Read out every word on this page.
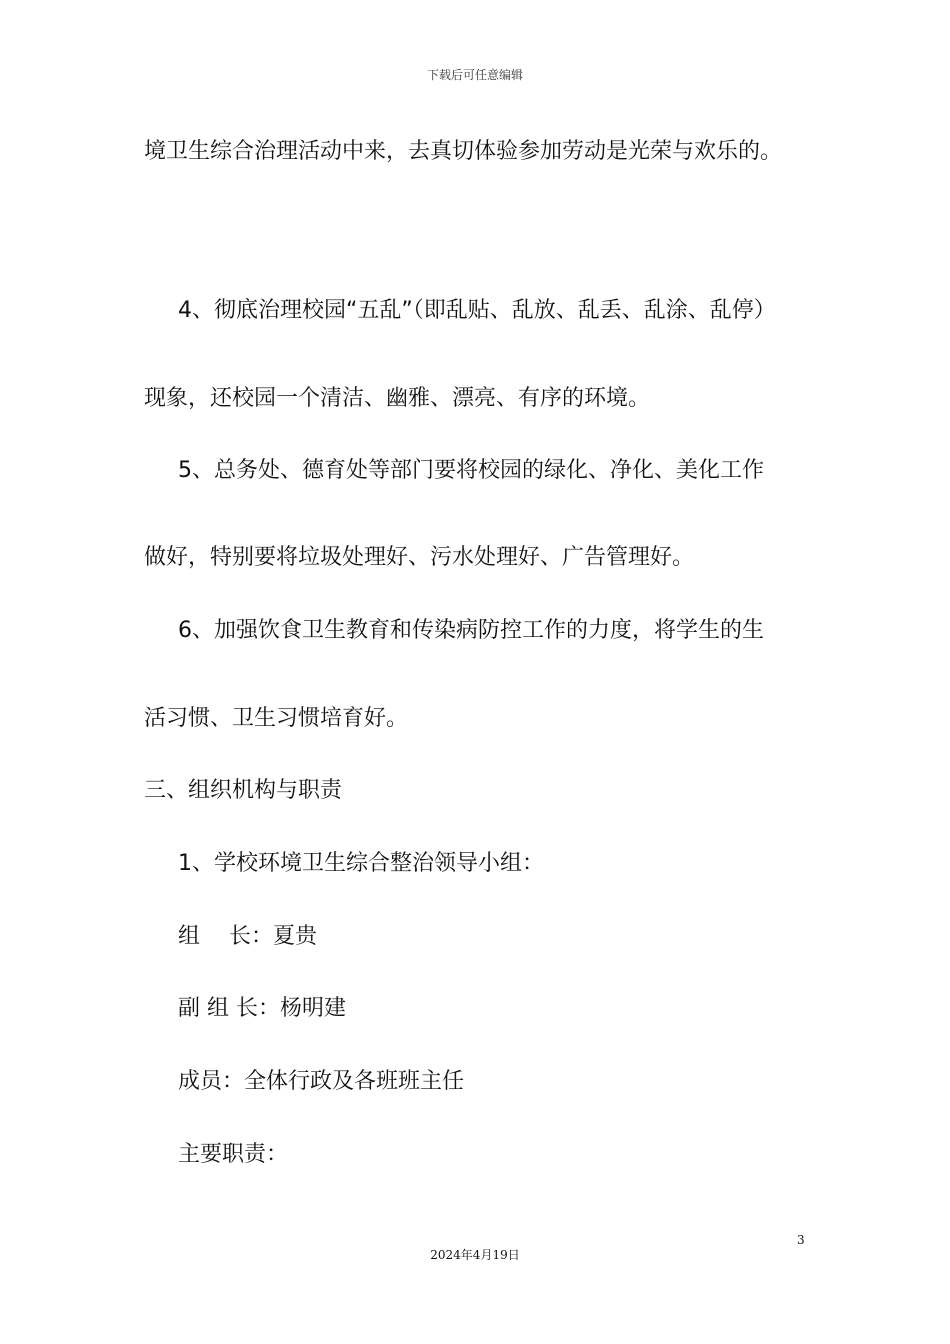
下载后可任意编辑
境卫生综合治理活动中来，去真切体验参加劳动是光荣与欢乐的。
4、彻底治理校园“五乱”（即乱贴、乱放、乱丢、乱涂、乱停）
现象，还校园一个清洁、幽雅、漂亮、有序的环境。
5、总务处、德育处等部门要将校园的绿化、净化、美化工作
做好，特别要将垃圾处理好、污水处理好、广告管理好。
6、加强饮食卫生教育和传染病防控工作的力度，将学生的生
活习惯、卫生习惯培育好。
三、组织机构与职责
1、学校环境卫生综合整治领导小组：
组　 长：夏贵
副 组 长：杨明建
成员：全体行政及各班班主任
主要职责：
3
2024年4月19日
